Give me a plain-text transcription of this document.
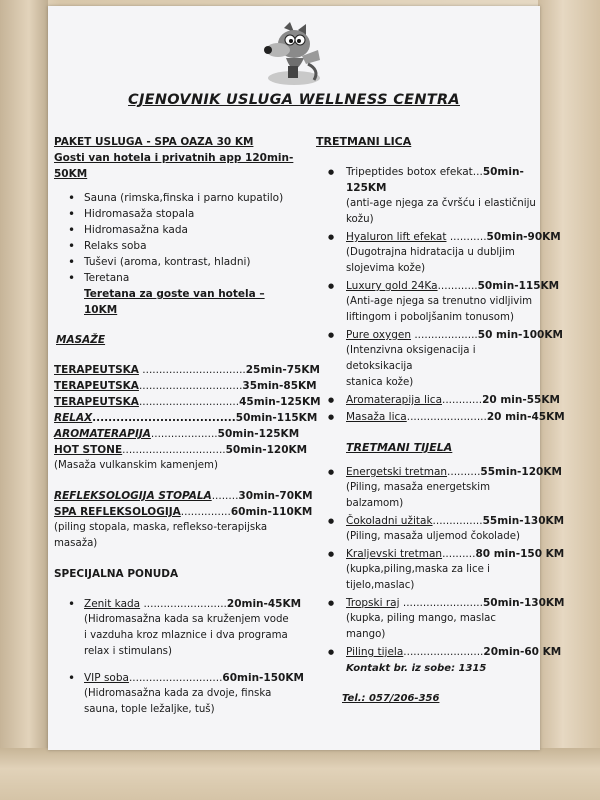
CJENOVNIK USLUGA WELLNESS CENTRA
PAKET USLUGA - SPA OAZA 30 KM
Gosti van hotela i privatnih app 120min-
50KM
• Sauna (rimska,finska i parno kupatilo)
• Hidromasaža stopala
• Hidromasažna kada
• Relaks soba
• Tuševi (aroma, kontrast, hladni)
• Teretana
Teretana za goste van hotela – 10KM
MASAŽE
TERAPEUTSKA ...............................25min-75KM
TERAPEUTSKA...............................35min-85KM
TERAPEUTSKA..............................45min-125KM
RELAX....................................50min-115KM
AROMATERAPIJA....................50min-125KM
HOT STONE...............................50min-120KM
(Masaža vulkanskim kamenjem)
REFLEKSOLOGIJA STOPALA........30min-70KM
SPA REFLEKSOLOGIJA...............60min-110KM
(piling stopala, maska, reflekso-terapijska
masaža)
SPECIJALNA PONUDA
• Zenit kada .........................20min-45KM
(Hidromasažna kada sa kruženjem vode
i vazduha kroz mlaznice i dva programa
relax i stimulans)
• VIP soba............................60min-150KM
(Hidromasažna kada za dvoje, finska
sauna, tople ležaljke, tuš)
TRETMANI LICA
● Tripeptides botox efekat...50min-
125KM
(anti-age njega za čvršću i elastičniju
kožu)
● Hyaluron lift efekat ...........50min-90KM
(Dugotrajna hidratacija u dubljim
slojevima kože)
● Luxury gold 24Ka............50min-115KM
(Anti-age njega sa trenutno vidljivim
liftingom i poboljšanim tonusom)
● Pure oxygen ...................50 min-100KM
(Intenzivna oksigenacija i detoksikacija
stanica kože)
● Aromaterapija lica............20 min-55KM
● Masaža lica........................20 min-45KM
TRETMANI TIJELA
● Energetski tretman..........55min-120KM
(Piling, masaža energetskim balzamom)
● Čokoladni užitak...............55min-130KM
(Piling, masaža uljemod čokolade)
● Kraljevski tretman..........80 min-150 KM
(kupka,piling,maska za lice i
tijelo,maslac)
● Tropski raj ........................50min-130KM
(kupka, piling mango, maslac mango)
● Piling tijela........................20min-60 KM
Kontakt br. iz sobe: 1315
Tel.: 057/206-356
